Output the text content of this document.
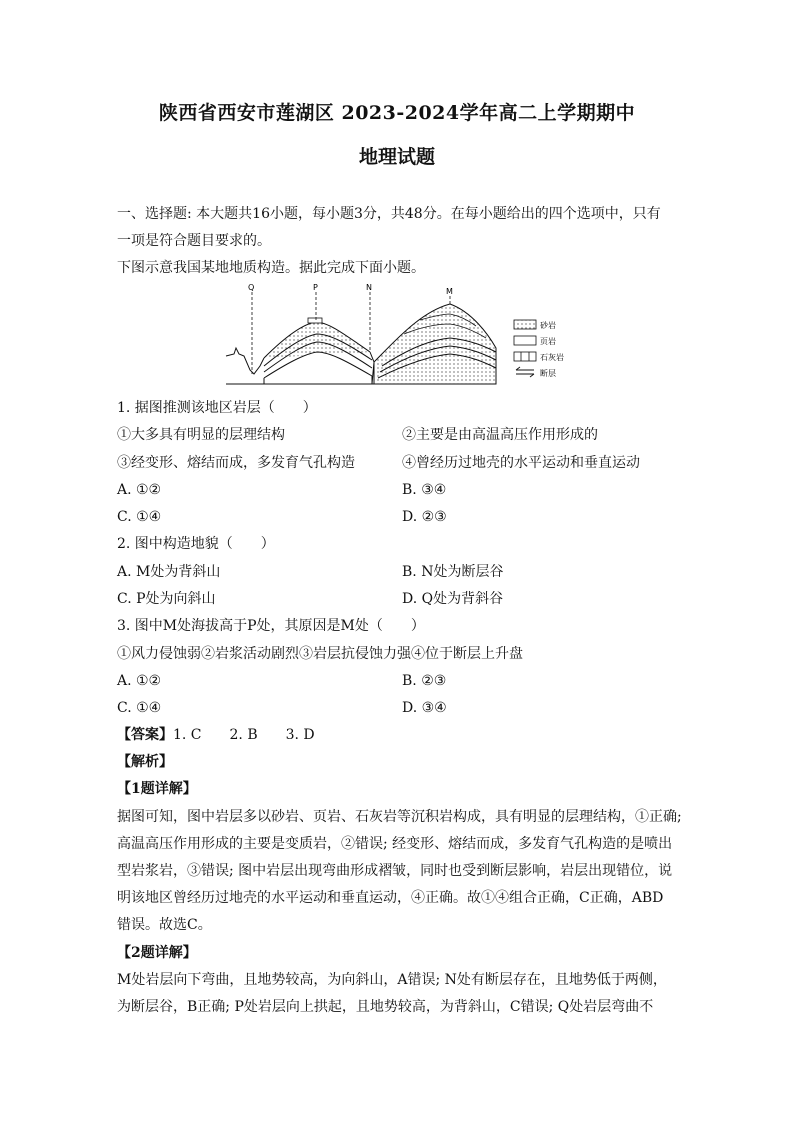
陕西省西安市莲湖区 2023-2024学年高二上学期期中
地理试题
一、选择题: 本大题共16小题，每小题3分，共48分。在每小题给出的四个选项中，只有
一项是符合题目要求的。
下图示意我国某地地质构造。据此完成下面小题。
Q	P	N	M
砂岩
页岩
石灰岩
断层
1. 据图推测该地区岩层（　　）
①大多具有明显的层理结构	②主要是由高温高压作用形成的
③经变形、熔结而成，多发育气孔构造	④曾经历过地壳的水平运动和垂直运动
A. ①②	B. ③④
C. ①④	D. ②③
2. 图中构造地貌（　　）
A. M处为背斜山	B. N处为断层谷
C. P处为向斜山	D. Q处为背斜谷
3. 图中M处海拔高于P处，其原因是M处（　　）
①风力侵蚀弱②岩浆活动剧烈③岩层抗侵蚀力强④位于断层上升盘
A. ①②	B. ②③
C. ①④	D. ③④
【答案】1. C　　2. B　　3. D
【解析】
【1题详解】
据图可知，图中岩层多以砂岩、页岩、石灰岩等沉积岩构成，具有明显的层理结构，①正确;
高温高压作用形成的主要是变质岩，②错误; 经变形、熔结而成，多发育气孔构造的是喷出
型岩浆岩，③错误; 图中岩层出现弯曲形成褶皱，同时也受到断层影响，岩层出现错位，说
明该地区曾经历过地壳的水平运动和垂直运动，④正确。故①④组合正确，C正确，ABD
错误。故选C。
【2题详解】
M处岩层向下弯曲，且地势较高，为向斜山，A错误; N处有断层存在，且地势低于两侧，
为断层谷，B正确; P处岩层向上拱起，且地势较高，为背斜山，C错误; Q处岩层弯曲不
